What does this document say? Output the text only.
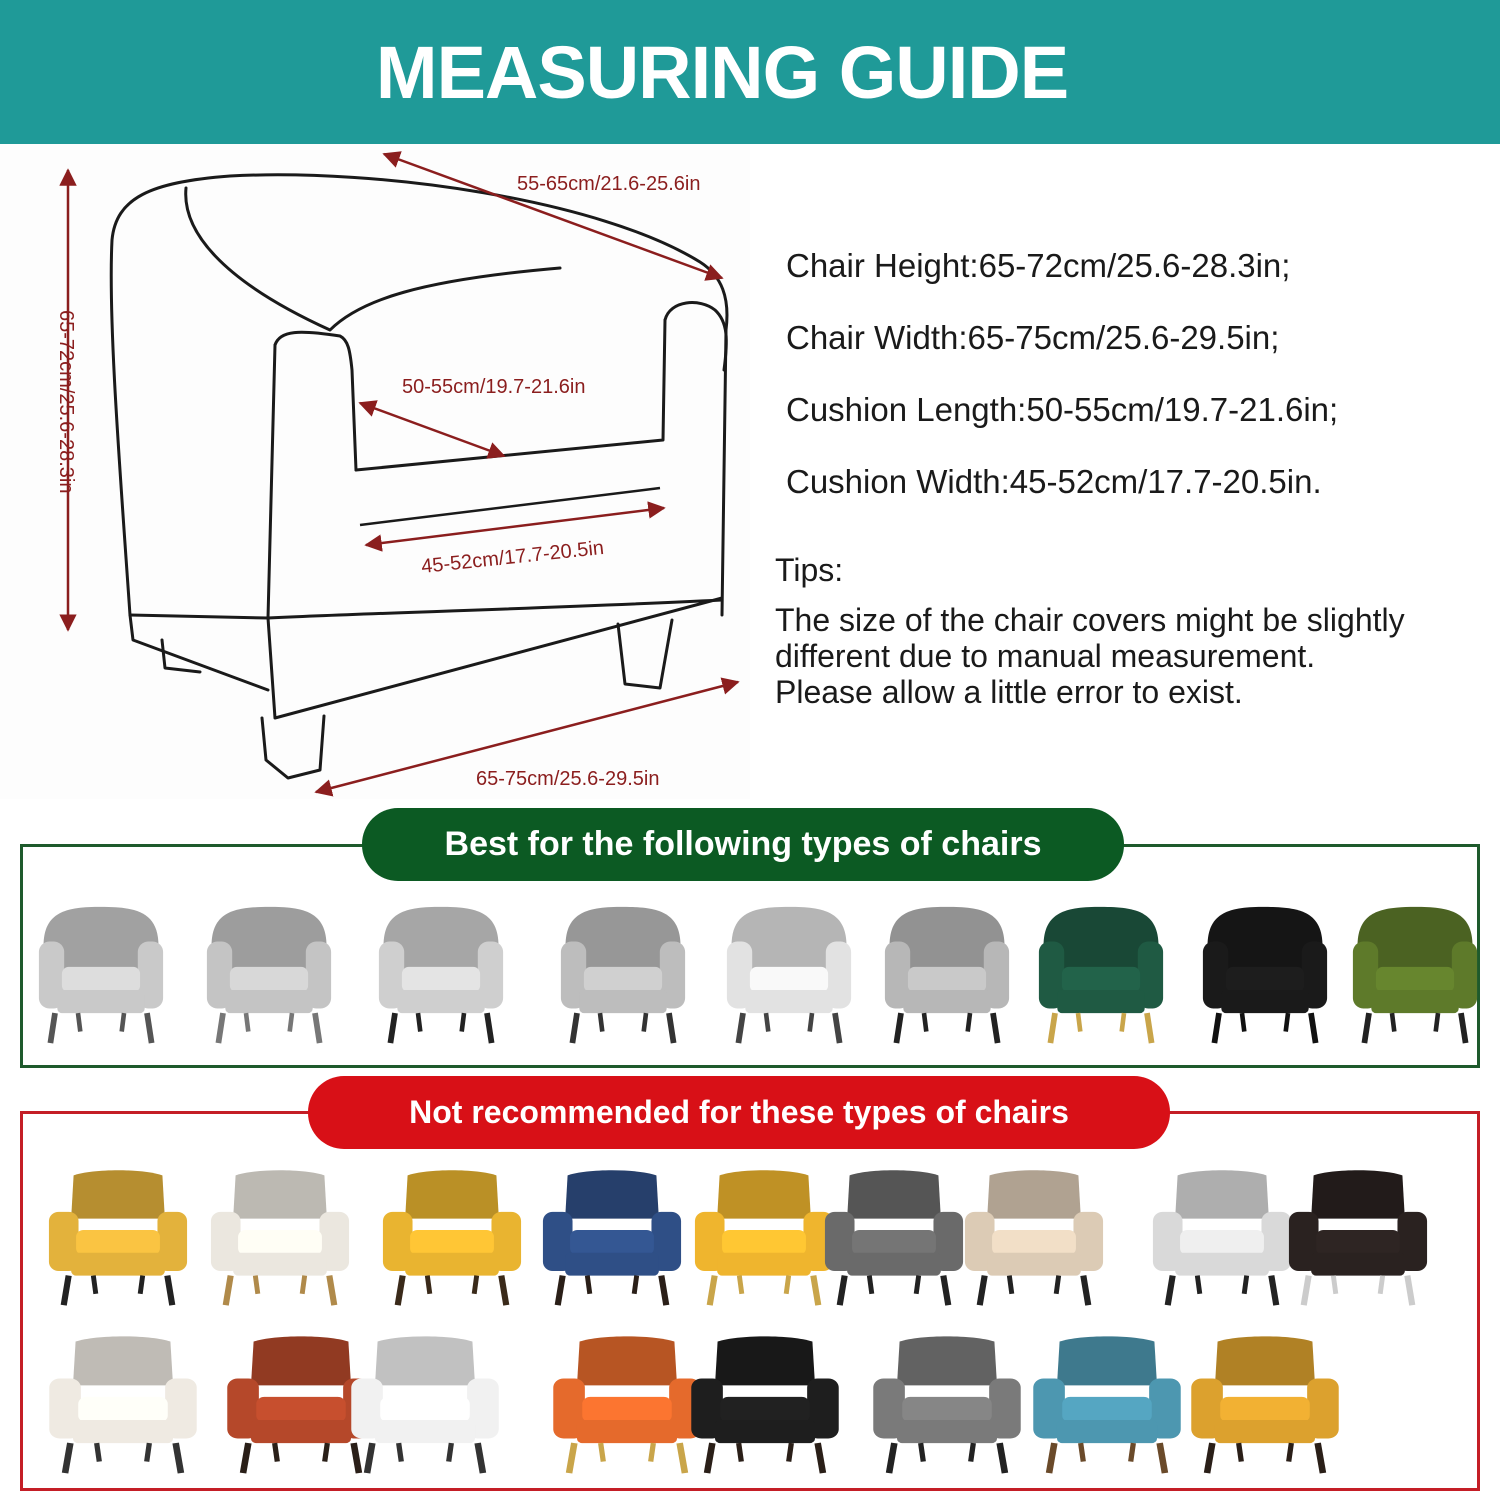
MEASURING GUIDE
55-65cm/21.6-25.6in
65-72cm/25.6-28.3in	50-55cm/19.7-21.6in
45-52cm/17.7-20.5in
65-75cm/25.6-29.5in
Chair Height:65-72cm/25.6-28.3in;
Chair Width:65-75cm/25.6-29.5in;
Cushion Length:50-55cm/19.7-21.6in;
Cushion Width:45-52cm/17.7-20.5in.
Tips:
The size of the chair covers might be slightly
different due to manual measurement.
Please allow a little error to exist.
Best for the following types of chairs
Not recommended for these types of chairs
